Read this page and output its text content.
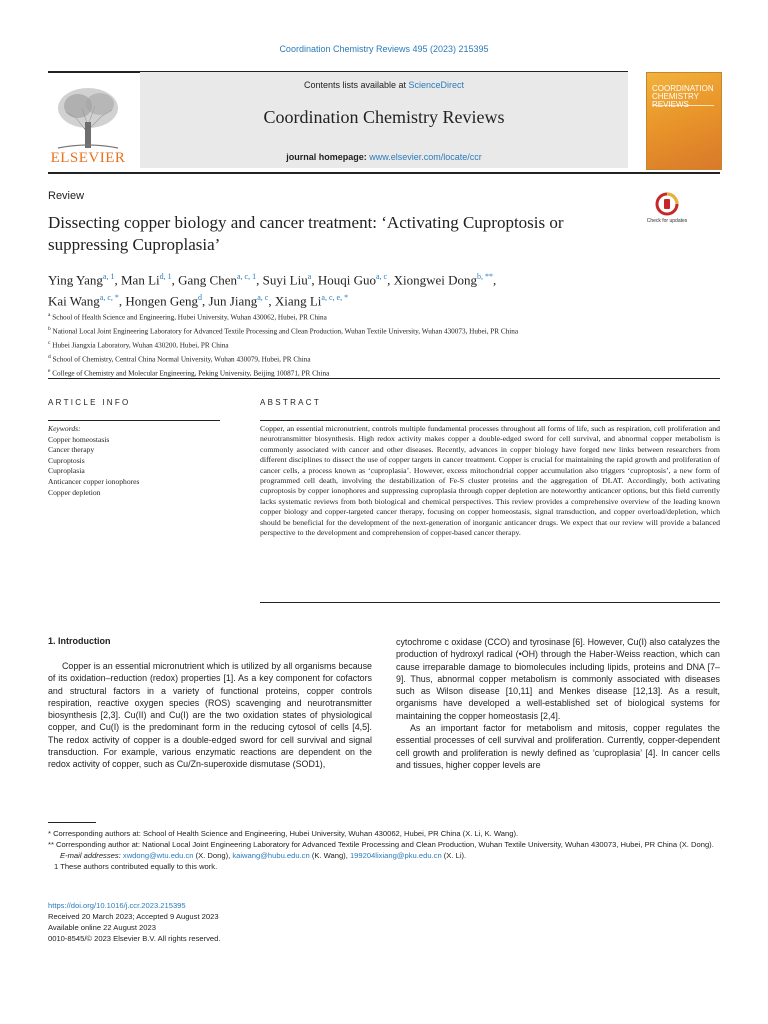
Coordination Chemistry Reviews 495 (2023) 215395
ELSEVIER
Contents lists available at ScienceDirect
Coordination Chemistry Reviews
journal homepage: www.elsevier.com/locate/ccr
COORDINATION CHEMISTRY
Review
Dissecting copper biology and cancer treatment: ‘Activating Cuproptosis or suppressing Cuproplasia’
Check for updates
Ying Yang$^{a, 1}$, Man Li$^{d, 1}$, Gang Chen$^{a, c, 1}$, Suyi Liu$^a$, Houqi Guo$^{a, c}$, Xiongwei Dong$^{b, **}$,
Kai Wang$^{a, c, *}$, Hongen Geng$^d$, Jun Jiang$^{a, c}$, Xiang $Li^{a, c, e, *}$
$^a$ School of Health Science and Engineering, Hubei University, Wuhan 430062, Hubei, PR China
$^b$ National Local Joint Engineering Laboratory for Advanced Textile Processing and Clean Production, Wuhan Textile University, Wuhan 430073, Hubei, PR China
$^c$ Hubei Jiangxia Laboratory, Wuhan 430200, Hubei, PR China
$^d$ School of Chemistry, Central China Normal University, Wuhan 430079, Hubei, PR China
$^e$ College of Chemistry and Molecular Engineering, Peking University, Beijing 100871, PR China
ARTICLE INFO
Keywords:
Copper homeostasis
Cancer therapy
Cuproptosis
Cuproplasia
Anticancer copper ionophores
Copper depletion
ABSTRACT
Copper, an essential micronutrient, controls multiple fundamental processes throughout all forms of life, such as respiration, cell proliferation and neurotransmitter biosynthesis. High redox activity makes copper a double-edged sword for cell survival, and abnormal copper metabolism is commonly associated with cancer and other diseases. Recently, advances in copper biology have forged new links between researchers from different disciplines to dissect the use of copper targets in cancer treatment. Copper is crucial for maintaining the rapid growth and proliferation of cancer cells, a process known as ‘cuproplasia’. However, excess mitochondrial copper accumulation also triggers ‘cuproptosis’, a new form of programmed cell death, involving the destabilization of Fe-S cluster proteins and the aggregation of DLAT. Accordingly, both activating cuproptosis by copper ionophores and suppressing cuproplasia through copper depletion are noteworthy anticancer options, but this field currently lacks systematic reviews from both biological and chemical perspectives. This review provides a comprehensive overview of the leading known copper biology and copper-targeted cancer therapy, focusing on copper homeostasis, signal transduction, and copper overload/depletion, which should be beneficial for the development of the next-generation of inorganic anticancer drugs. We expect that our review will provide a balanced perspective to the development and comprehension of copper-based cancer therapy.
1. Introduction

Copper is an essential micronutrient which is utilized by all organisms because of its oxidation–reduction (redox) properties [1]. As a key component for cofactors and structural factors in a variety of functional proteins, copper controls respiration, reactive oxygen species (ROS) scavenging and neurotransmitter biosynthesis [2,3]. Cu(II) and Cu(I) are the two oxidation states of physiological copper, and Cu(I) is the predominant form in the reducing cytosol of cells [4,5]. The redox activity of copper is a double-edged sword for cell survival and signal transduction. For example, various enzymatic reactions are dependent on the redox activity of copper, such as Cu/Zn-superoxide dismutase (SOD1),

cytochrome c oxidase (CCO) and tyrosinase [6]. However, Cu(I) also catalyzes the production of hydroxyl radical (•OH) through the Haber-Weiss reaction, which can cause irreparable damage to biomolecules including lipids, proteins and DNA [7–9]. Thus, abnormal copper metabolism is commonly associated with diseases such as Wilson disease [10,11] and Menkes disease [12,13]. As a result, organisms have developed a well-established set of biological systems for maintaining the copper homeostasis [2,4].

As an important factor for metabolism and mitosis, copper regulates the essential processes of cell survival and proliferation. Currently, copper-dependent cell growth and proliferation is newly defined as ‘cuproplasia’ [4]. In cancer cells and tissues, higher copper levels are

* Corresponding authors at: School of Health Science and Engineering, Hubei University, Wuhan 430062, Hubei, PR China (X. Li, K. Wang).
** Corresponding author at: National Local Joint Engineering Laboratory for Advanced Textile Processing and Clean Production, Wuhan Textile University, Wuhan 430073, Hubei, PR China (X. Dong).
E-mail addresses: xwdong@wtu.edu.cn (X. Dong), kaiwang@hubu.edu.cn (K. Wang), 199204lixiang@pku.edu.cn (X. Li).
1 These authors contributed equally to this work.
https://doi.org/10.1016/j.ccr.2023.215395
Received 20 March 2023; Accepted 9 August 2023
Available online 22 August 2023
0010-8545/© 2023 Elsevier B.V. All rights reserved.
